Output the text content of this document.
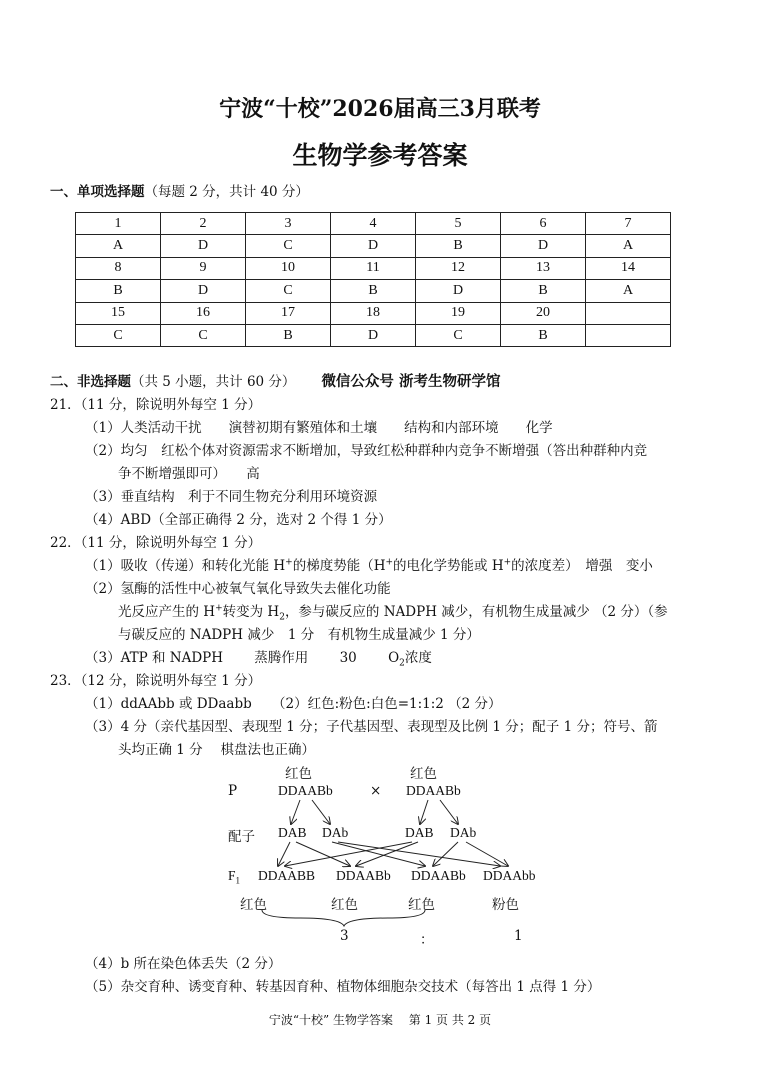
宁波“十校”2026届高三3月联考
生物学参考答案
一、单项选择题（每题 2 分，共计 40 分）
1	2	3	4	5	6	7
A	D	C	D	B	D	A
8	9	10	11	12	13	14
B	D	C	B	D	B	A
15	16	17	18	19	20	
C	C	B	D	C	B	
二、非选择题（共 5 小题，共计 60 分） 微信公众号 浙考生物研学馆
21．（11 分，除说明外每空 1 分）
（1）人类活动干扰　　演替初期有繁殖体和土壤　　结构和内部环境　　化学
（2）均匀　红松个体对资源需求不断增加，导致红松种群种内竞争不断增强（答出种群种内竞
争不断增强即可）　　高
（3）垂直结构　利于不同生物充分利用环境资源
（4）ABD（全部正确得 2 分，选对 2 个得 1 分）
22．（11 分，除说明外每空 1 分）
（1）吸收（传递）和转化光能 H+的梯度势能（H+的电化学势能或 H+的浓度差）　增强　变小
（2）氢酶的活性中心被氧气氧化导致失去催化功能
光反应产生的 H+转变为 $H_2$，参与碳反应的 NADPH 减少，有机物生成量减少 （2 分）（参
与碳反应的 NADPH 减少　1 分　有机物生成量减少 1 分）
（3）ATP 和 NADPH　　 蒸腾作用　　 30　　 $O_2$浓度
23．（12 分，除说明外每空 1 分）
（1）ddAAbb 或 DDaabb　　（2）红色:粉色:白色=1:1:2 （2 分）
（3）4 分（亲代基因型、表现型 1 分；子代基因型、表现型及比例 1 分；配子 1 分；符号、箭
头均正确 1 分　 棋盘法也正确）
红色	红色
P	DDAABb	× DDAABb
配子 DAB DAb	DAB DAb
$F_1$ DDAABB DDAABb DDAABb DDAAbb
红色	红色	红色	粉色
3	：	1
（4）b 所在染色体丢失（2 分）
（5）杂交育种、诱变育种、转基因育种、植物体细胞杂交技术（每答出 1 点得 1 分）
宁波“十校” 生物学答案　 第 1 页 共 2 页
